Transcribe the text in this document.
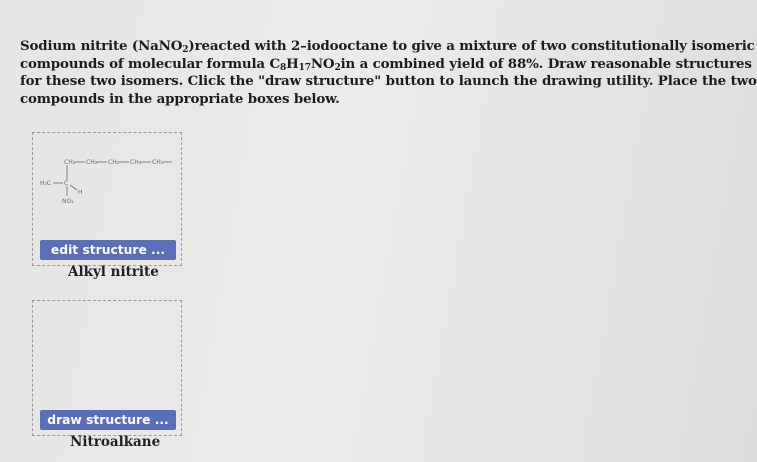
Sodium nitrite (NaNO$_2$)reacted with 2–iodooctane to give a mixture of two constitutionally isomeric
compounds of molecular formula $C_8H_{17}NO_2in$ a combined yield of 88%. Draw reasonable structures
for these two isomers. Click the "draw structure" button to launch the drawing utility. Place the two
compounds in the appropriate boxes below.
CH₂ CH₂ CH₂ CH₂ CH₃
H₃C C
H
NO₂
edit structure ...
Alkyl nitrite
draw structure ...
Nitroalkane
